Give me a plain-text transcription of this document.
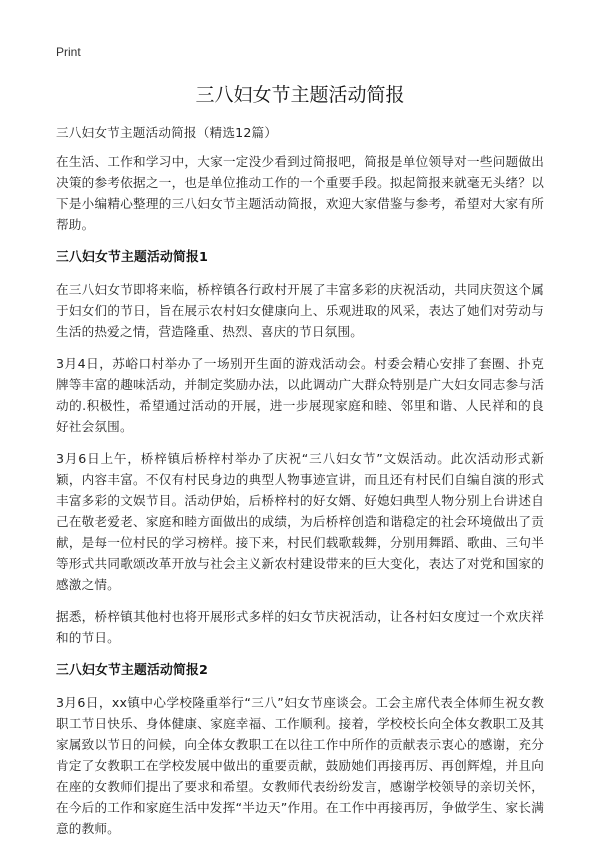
Print

三八妇女节主题活动简报

三八妇女节主题活动简报（精选12篇）

在生活、工作和学习中，大家一定没少看到过简报吧，简报是单位领导对一些问题做出决策的参考依据之一，也是单位推动工作的一个重要手段。拟起简报来就毫无头绪？以下是小编精心整理的三八妇女节主题活动简报，欢迎大家借鉴与参考，希望对大家有所帮助。

三八妇女节主题活动简报1

在三八妇女节即将来临，桥梓镇各行政村开展了丰富多彩的庆祝活动，共同庆贺这个属于妇女们的节日，旨在展示农村妇女健康向上、乐观进取的风采，表达了她们对劳动与生活的热爱之情，营造隆重、热烈、喜庆的节日氛围。

3月4日，苏峪口村举办了一场别开生面的游戏活动会。村委会精心安排了套圈、扑克牌等丰富的趣味活动，并制定奖励办法，以此调动广大群众特别是广大妇女同志参与活动的.积极性，希望通过活动的开展，进一步展现家庭和睦、邻里和谐、人民祥和的良好社会氛围。

3月6日上午，桥梓镇后桥梓村举办了庆祝“三八妇女节”文娱活动。此次活动形式新颖，内容丰富。不仅有村民身边的典型人物事迹宣讲，而且还有村民们自编自演的形式丰富多彩的文娱节目。活动伊始，后桥梓村的好女婿、好媳妇典型人物分别上台讲述自己在敬老爱老、家庭和睦方面做出的成绩，为后桥梓创造和谐稳定的社会环境做出了贡献，是每一位村民的学习榜样。接下来，村民们载歌载舞，分别用舞蹈、歌曲、三句半等形式共同歌颂改革开放与社会主义新农村建设带来的巨大变化，表达了对党和国家的感激之情。

据悉，桥梓镇其他村也将开展形式多样的妇女节庆祝活动，让各村妇女度过一个欢庆祥和的节日。

三八妇女节主题活动简报2

3月6日，xx镇中心学校隆重举行“三八”妇女节座谈会。工会主席代表全体师生祝女教职工节日快乐、身体健康、家庭幸福、工作顺利。接着，学校校长向全体女教职工及其家属致以节日的问候，向全体女教职工在以往工作中所作的贡献表示衷心的感谢，充分肯定了女教职工在学校发展中做出的重要贡献，鼓励她们再接再厉、再创辉煌，并且向在座的女教师们提出了要求和希望。女教师代表纷纷发言，感谢学校领导的亲切关怀，在今后的工作和家庭生活中发挥“半边天”作用。在工作中再接再厉，争做学生、家长满意的教师。
